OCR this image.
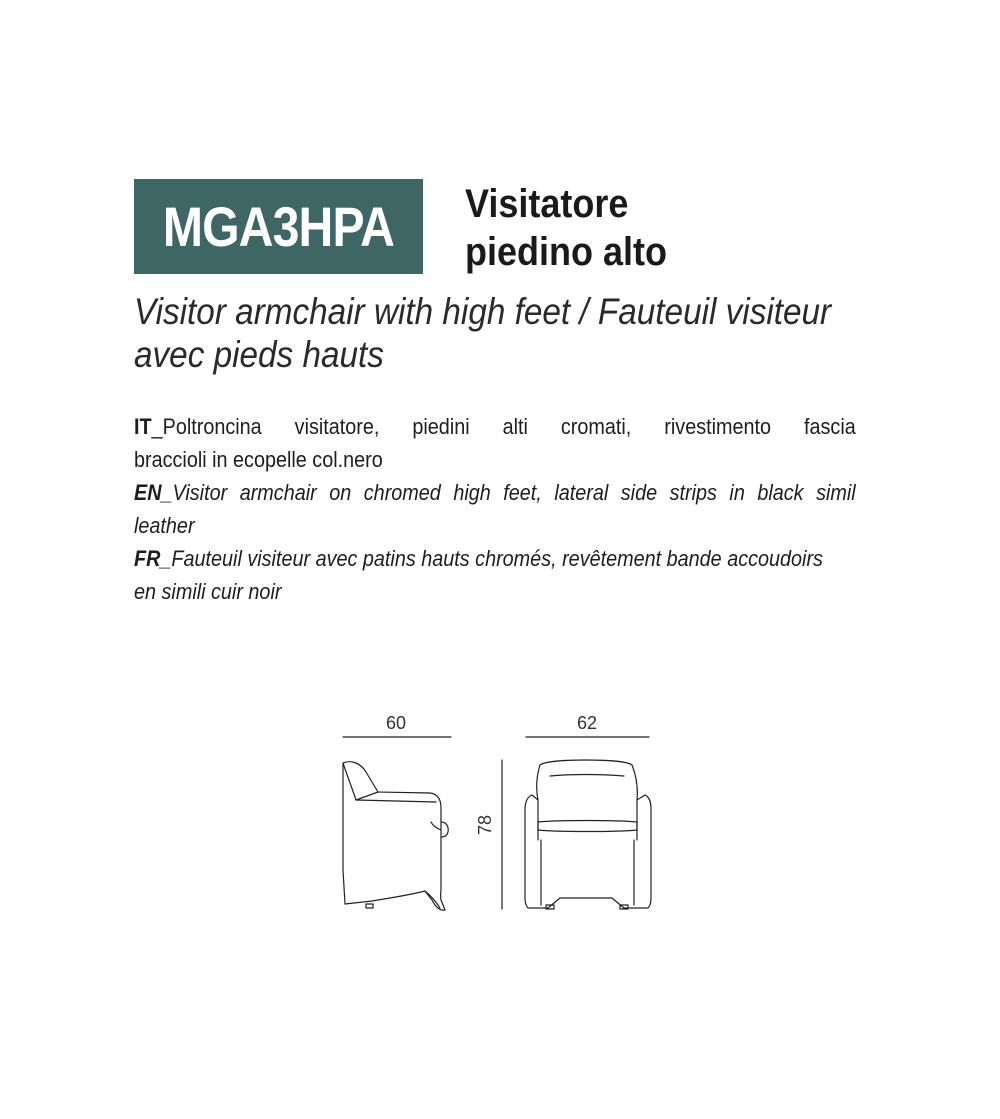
MGA3HPA Visitatore
piedino alto
Visitor armchair with high feet / Fauteuil visiteur
avec pieds hauts
IT_Poltroncina visitatore, piedini alti cromati, rivestimento fascia
braccioli in ecopelle col.nero
EN_Visitor armchair on chromed high feet, lateral side strips in black simil
leather
FR_Fauteuil visiteur avec patins hauts chromés, revêtement bande accoudoirs
en simili cuir noir
60	62
78
